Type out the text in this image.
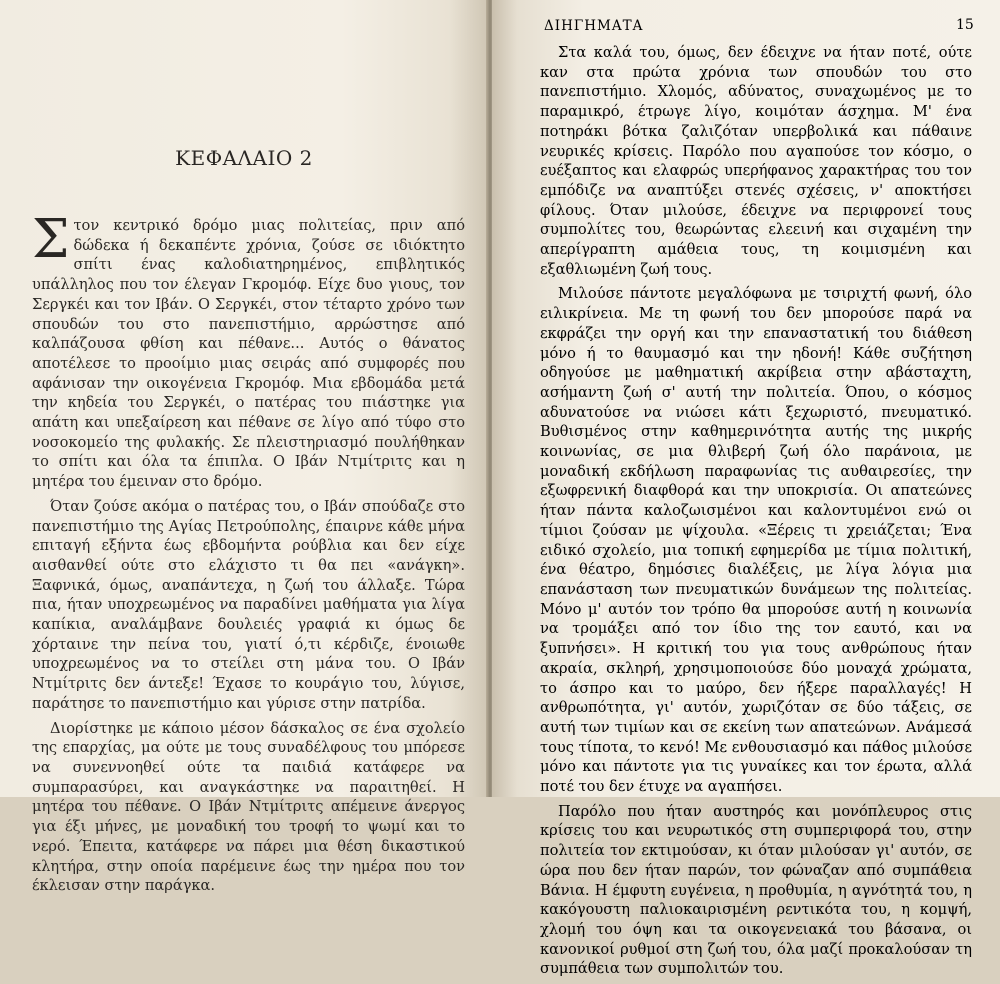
ΚΕΦΑΛΑΙΟ 2

Στον κεντρικό δρόμο μιας πολιτείας, πριν από δώδεκα ή δεκαπέντε χρόνια, ζούσε σε ιδιόκτητο σπίτι ένας καλοδιατηρημένος, επιβλητικός υπάλληλος που τον έλεγαν Γκρομόφ. Είχε δυο γιους, τον Σεργκέι και τον Ιβάν. Ο Σεργκέι, στον τέταρτο χρόνο των σπουδών του στο πανεπιστήμιο, αρρώστησε από καλπάζουσα φθίση και πέθανε... Αυτός ο θάνατος αποτέλεσε το προοίμιο μιας σειράς από συμφορές που αφάνισαν την οικογένεια Γκρομόφ. Μια εβδομάδα μετά την κηδεία του Σεργκέι, ο πατέρας του πιάστηκε για απάτη και υπεξαίρεση και πέθανε σε λίγο από τύφο στο νοσοκομείο της φυλακής. Σε πλειστηριασμό πουλήθηκαν το σπίτι και όλα τα έπιπλα. Ο Ιβάν Ντμίτριτς και η μητέρα του έμειναν στο δρόμο.

Όταν ζούσε ακόμα ο πατέρας του, ο Ιβάν σπούδαζε στο πανεπιστήμιο της Αγίας Πετρούπολης, έπαιρνε κάθε μήνα επιταγή εξήντα έως εβδομήντα ρούβλια και δεν είχε αισθανθεί ούτε στο ελάχιστο τι θα πει «ανάγκη». Ξαφνικά, όμως, αναπάντεχα, η ζωή του άλλαξε. Τώρα πια, ήταν υποχρεωμένος να παραδίνει μαθήματα για λίγα καπίκια, αναλάμβανε δουλειές γραφιά κι όμως δε χόρταινε την πείνα του, γιατί ό,τι κέρδιζε, ένοιωθε υποχρεωμένος να το στείλει στη μάνα του. Ο Ιβάν Ντμίτριτς δεν άντεξε! Έχασε το κουράγιο του, λύγισε, παράτησε το πανεπιστήμιο και γύρισε στην πατρίδα.

Διορίστηκε με κάποιο μέσον δάσκαλος σε ένα σχολείο της επαρχίας, μα ούτε με τους συναδέλφους του μπόρεσε να συνεννοηθεί ούτε τα παιδιά κατάφερε να συμπαρασύρει, και αναγκάστηκε να παραιτηθεί. Η μητέρα του πέθανε. Ο Ιβάν Ντμίτριτς απέμεινε άνεργος για έξι μήνες, με μοναδική του τροφή το ψωμί και το νερό. Έπειτα, κατάφερε να πάρει μια θέση δικαστικού κλητήρα, στην οποία παρέμεινε έως την ημέρα που τον έκλεισαν στην παράγκα.

ΔΙΗΓΗΜΑΤΑ	15

Στα καλά του, όμως, δεν έδειχνε να ήταν ποτέ, ούτε καν στα πρώτα χρόνια των σπουδών του στο πανεπιστήμιο. Χλομός, αδύνατος, συναχωμένος με το παραμικρό, έτρωγε λίγο, κοιμόταν άσχημα. Μ' ένα ποτηράκι βότκα ζαλιζόταν υπερβολικά και πάθαινε νευρικές κρίσεις. Παρόλο που αγαπούσε τον κόσμο, ο ευέξαπτος και ελαφρώς υπερήφανος χαρακτήρας του τον εμπόδιζε να αναπτύξει στενές σχέσεις, ν' αποκτήσει φίλους. Όταν μιλούσε, έδειχνε να περιφρονεί τους συμπολίτες του, θεωρώντας ελεεινή και σιχαμένη την απερίγραπτη αμάθεια τους, τη κοιμισμένη και εξαθλιωμένη ζωή τους.

Μιλούσε πάντοτε μεγαλόφωνα με τσιριχτή φωνή, όλο ειλικρίνεια. Με τη φωνή του δεν μπορούσε παρά να εκφράζει την οργή και την επαναστατική του διάθεση μόνο ή το θαυμασμό και την ηδονή! Κάθε συζήτηση οδηγούσε με μαθηματική ακρίβεια στην αβάσταχτη, ασήμαντη ζωή σ' αυτή την πολιτεία. Όπου, ο κόσμος αδυνατούσε να νιώσει κάτι ξεχωριστό, πνευματικό. Βυθισμένος στην καθημερινότητα αυτής της μικρής κοινωνίας, σε μια θλιβερή ζωή όλο παράνοια, με μοναδική εκδήλωση παραφωνίας τις αυθαιρεσίες, την εξωφρενική διαφθορά και την υποκρισία. Οι απατεώνες ήταν πάντα καλοζωισμένοι και καλοντυμένοι ενώ οι τίμιοι ζούσαν με ψίχουλα. «Ξέρεις τι χρειάζεται; Ένα ειδικό σχολείο, μια τοπική εφημερίδα με τίμια πολιτική, ένα θέατρο, δημόσιες διαλέξεις, με λίγα λόγια μια επανάσταση των πνευματικών δυνάμεων της πολιτείας. Μόνο μ' αυτόν τον τρόπο θα μπορούσε αυτή η κοινωνία να τρομάξει από τον ίδιο της τον εαυτό, και να ξυπνήσει». Η κριτική του για τους ανθρώπους ήταν ακραία, σκληρή, χρησιμοποιούσε δύο μοναχά χρώματα, το άσπρο και το μαύρο, δεν ήξερε παραλλαγές! Η ανθρωπότητα, γι' αυτόν, χωριζόταν σε δύο τάξεις, σε αυτή των τιμίων και σε εκείνη των απατεώνων. Ανάμεσά τους τίποτα, το κενό! Με ενθουσιασμό και πάθος μιλούσε μόνο και πάντοτε για τις γυναίκες και τον έρωτα, αλλά ποτέ του δεν έτυχε να αγαπήσει.

Παρόλο που ήταν αυστηρός και μονόπλευρος στις κρίσεις του και νευρωτικός στη συμπεριφορά του, στην πολιτεία τον εκτιμούσαν, κι όταν μιλούσαν γι' αυτόν, σε ώρα που δεν ήταν παρών, τον φώναζαν από συμπάθεια Βάνια. Η έμφυτη ευγένεια, η προθυμία, η αγνότητά του, η κακόγουστη παλιοκαιρισμένη ρεντικότα του, η κομψή, χλομή του όψη και τα οικογενειακά του βάσανα, οι κανονικοί ρυθμοί στη ζωή του, όλα μαζί προκαλούσαν τη συμπάθεια των συμπολιτών του.
